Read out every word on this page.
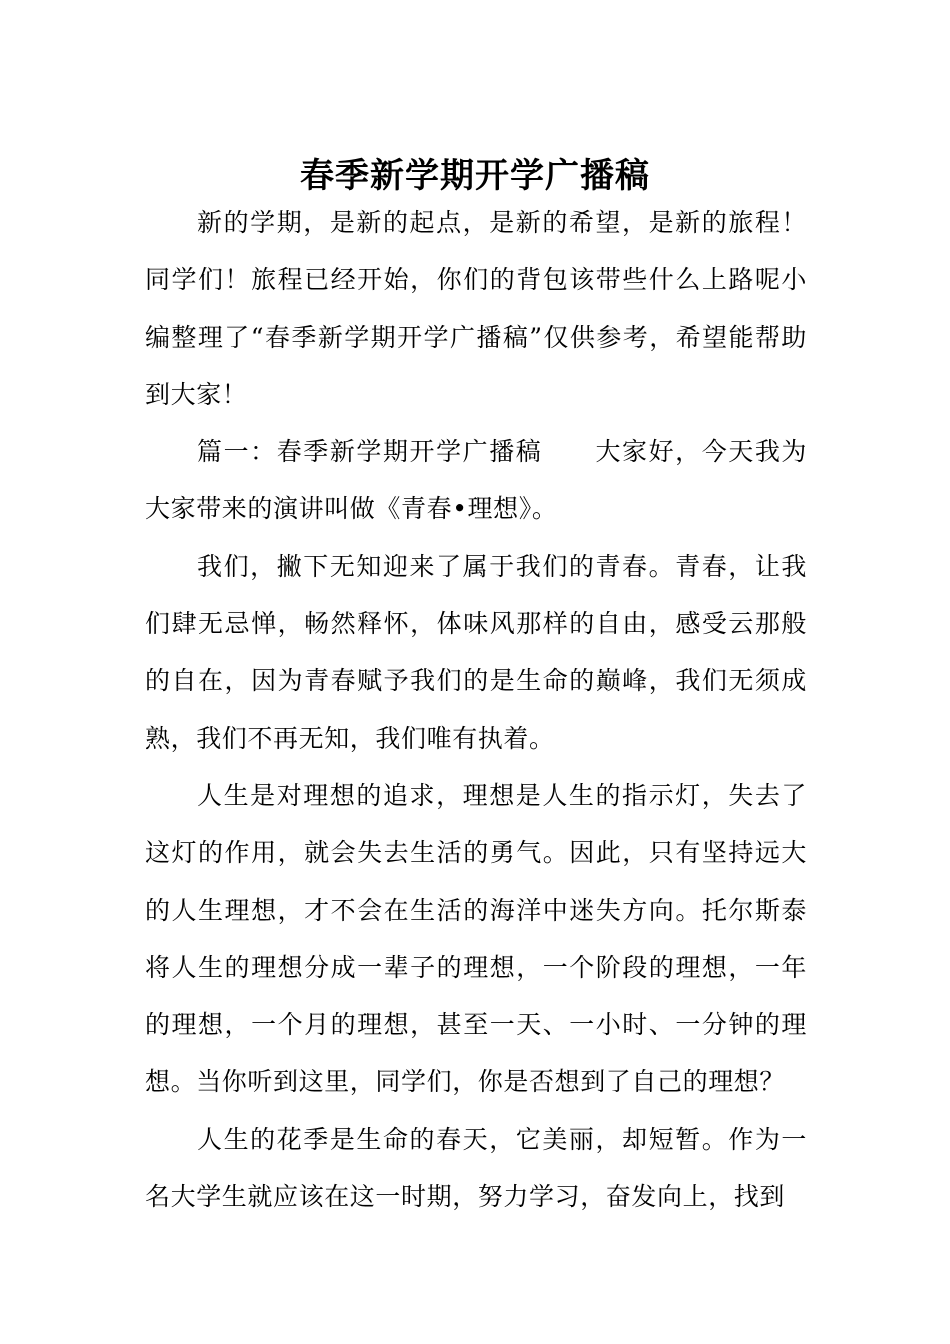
春季新学期开学广播稿

新的学期，是新的起点，是新的希望，是新的旅程！同学们！旅程已经开始，你们的背包该带些什么上路呢小编整理了“春季新学期开学广播稿”仅供参考，希望能帮助到大家！

篇一：春季新学期开学广播稿　　大家好，今天我为大家带来的演讲叫做《青春•理想》。

我们，撇下无知迎来了属于我们的青春。青春，让我们肆无忌惮，畅然释怀，体味风那样的自由，感受云那般的自在，因为青春赋予我们的是生命的巅峰，我们无须成熟，我们不再无知，我们唯有执着。

人生是对理想的追求，理想是人生的指示灯，失去了这灯的作用，就会失去生活的勇气。因此，只有坚持远大的人生理想，才不会在生活的海洋中迷失方向。托尔斯泰将人生的理想分成一辈子的理想，一个阶段的理想，一年的理想，一个月的理想，甚至一天、一小时、一分钟的理想。当你听到这里，同学们，你是否想到了自己的理想？

人生的花季是生命的春天，它美丽，却短暂。作为一名大学生就应该在这一时期，努力学习，奋发向上，找到
